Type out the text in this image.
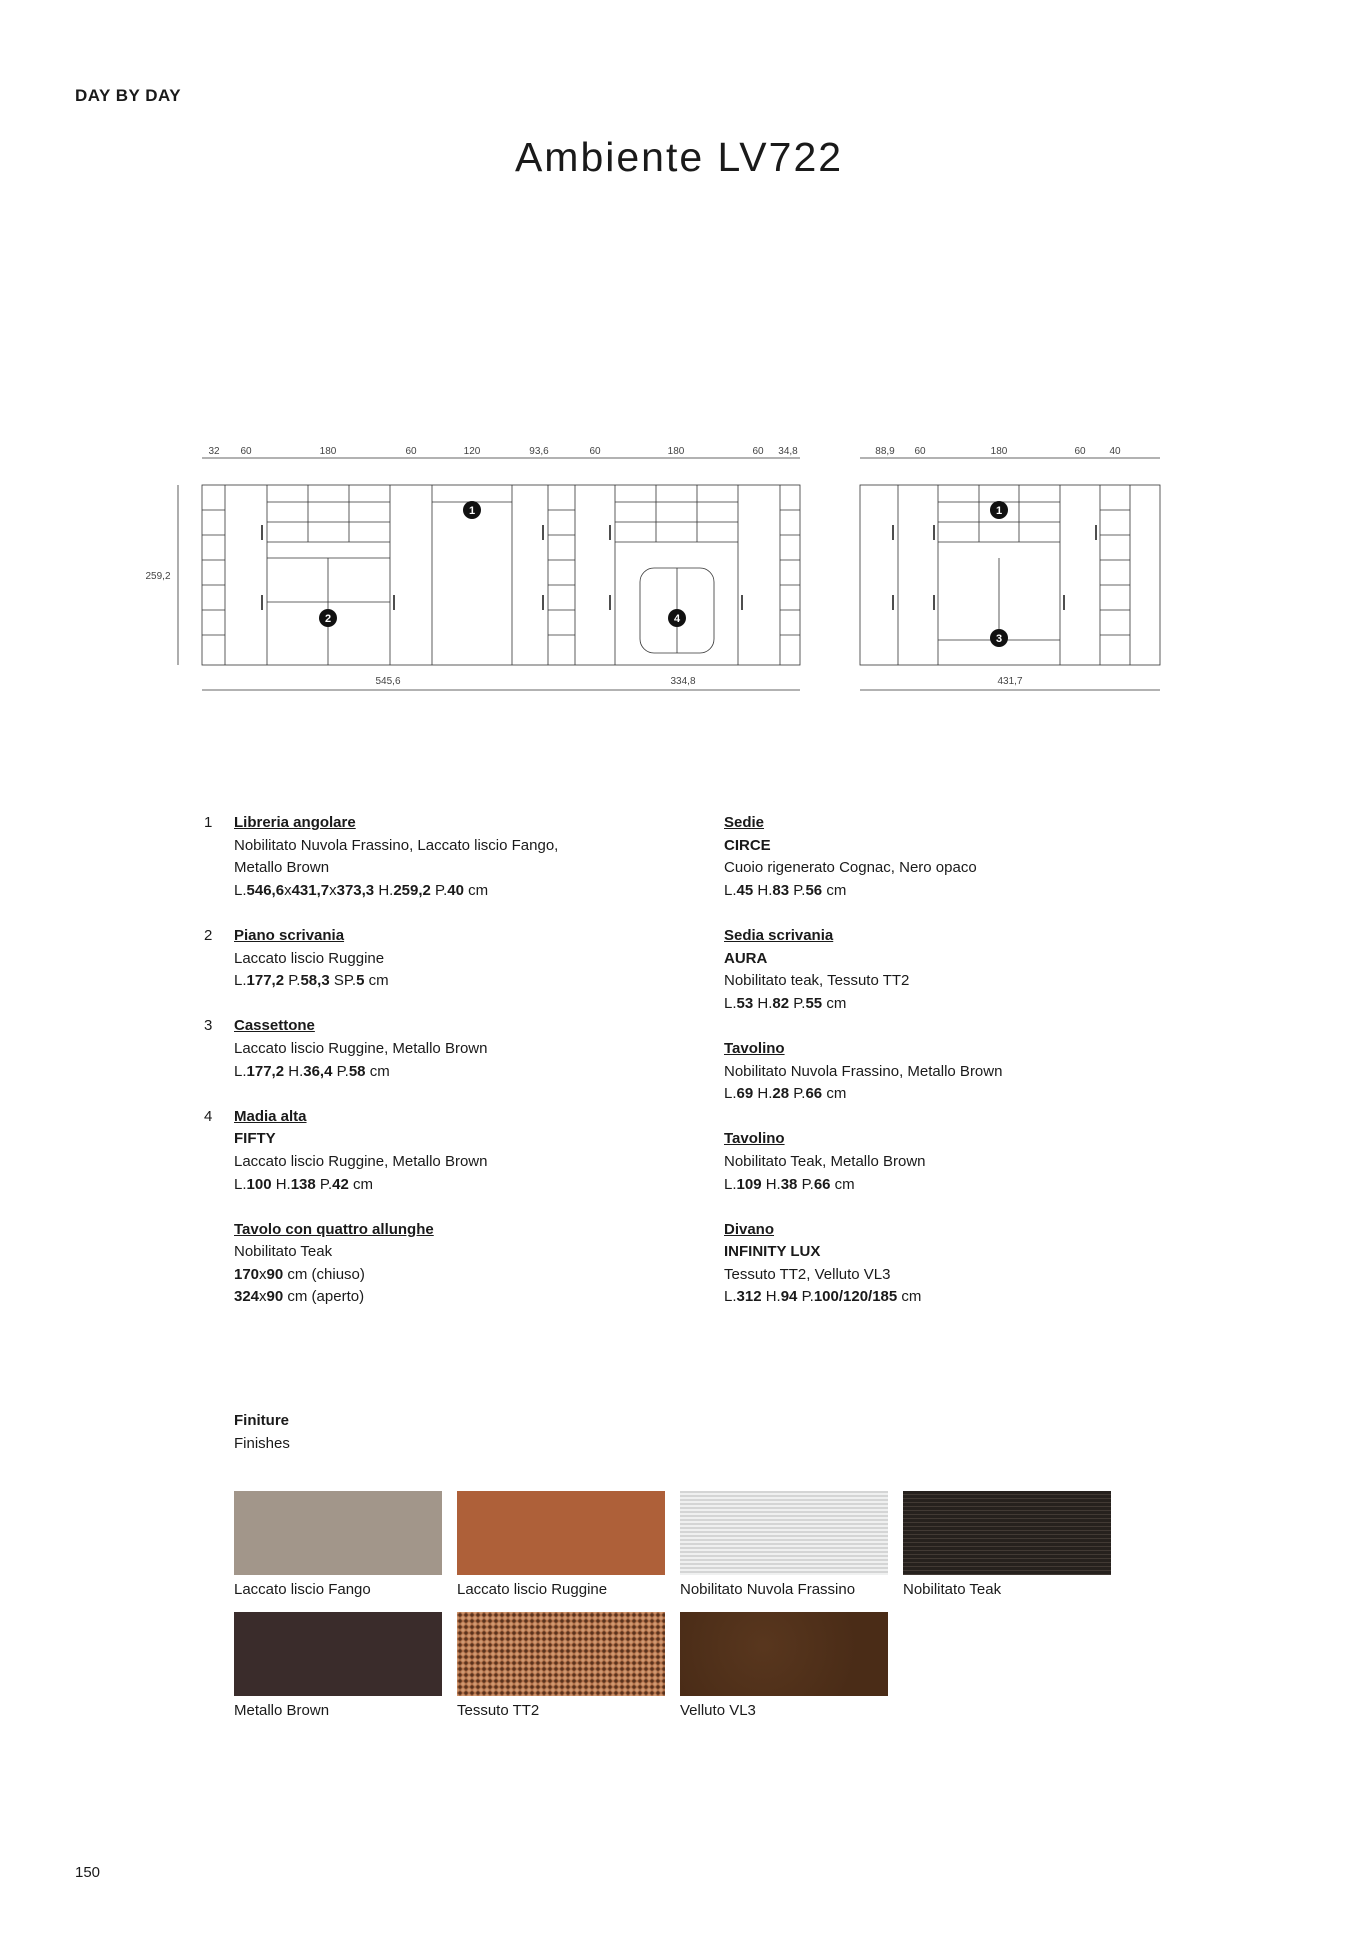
DAY BY DAY
Ambiente LV722
32 60	180	60	120	93,6	60	180	60 34,8	88,9 60	180	60 40
259,2
545,6	334,8	431,7
1
2	4
1
3
1 Libreria angolare
Nobilitato Nuvola Frassino, Laccato liscio Fango,
Metallo Brown
L.546,6x431,7x373,3 H.259,2 P.40 cm
2 Piano scrivania
Laccato liscio Ruggine
L.177,2 P.58,3 SP.5 cm
3 Cassettone
Laccato liscio Ruggine, Metallo Brown
L.177,2 H.36,4 P.58 cm
4 Madia alta
FIFTY
Laccato liscio Ruggine, Metallo Brown
L.100 H.138 P.42 cm
Tavolo con quattro allunghe
Nobilitato Teak
170x90 cm (chiuso)
324x90 cm (aperto)
Sedie
CIRCE
Cuoio rigenerato Cognac, Nero opaco
L.45 H.83 P.56 cm
Sedia scrivania
AURA
Nobilitato teak, Tessuto TT2
L.53 H.82 P.55 cm
Tavolino
Nobilitato Nuvola Frassino, Metallo Brown
L.69 H.28 P.66 cm
Tavolino
Nobilitato Teak, Metallo Brown
L.109 H.38 P.66 cm
Divano
INFINITY LUX
Tessuto TT2, Velluto VL3
L.312 H.94 P.100/120/185 cm
Finiture
Finishes
Laccato liscio Fango	Laccato liscio Ruggine	Nobilitato Nuvola Frassino	Nobilitato Teak
Metallo Brown	Tessuto TT2	Velluto VL3
150
